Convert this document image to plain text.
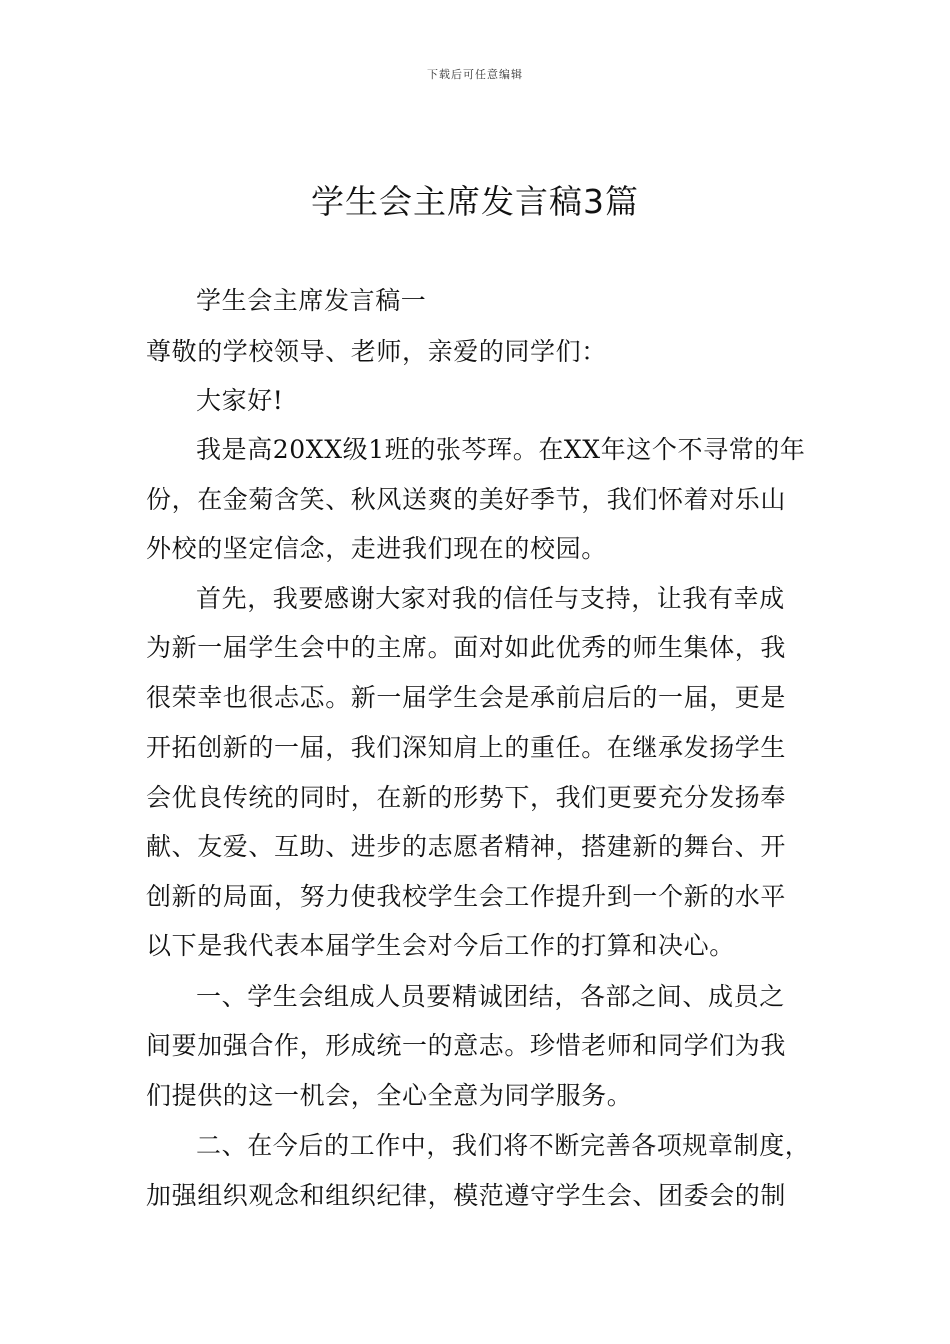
下载后可任意编辑
学生会主席发言稿3篇
学生会主席发言稿一
尊敬的学校领导、老师，亲爱的同学们：
大家好!
我是高20XX级1班的张芩珲。在XX年这个不寻常的年
份，在金菊含笑、秋风送爽的美好季节，我们怀着对乐山
外校的坚定信念，走进我们现在的校园。
首先，我要感谢大家对我的信任与支持，让我有幸成
为新一届学生会中的主席。面对如此优秀的师生集体，我
很荣幸也很忐忑。新一届学生会是承前启后的一届，更是
开拓创新的一届，我们深知肩上的重任。在继承发扬学生
会优良传统的同时，在新的形势下，我们更要充分发扬奉
献、友爱、互助、进步的志愿者精神，搭建新的舞台、开
创新的局面，努力使我校学生会工作提升到一个新的水平
以下是我代表本届学生会对今后工作的打算和决心。
一、学生会组成人员要精诚团结，各部之间、成员之
间要加强合作，形成统一的意志。珍惜老师和同学们为我
们提供的这一机会，全心全意为同学服务。
二、在今后的工作中，我们将不断完善各项规章制度，
加强组织观念和组织纪律，模范遵守学生会、团委会的制
